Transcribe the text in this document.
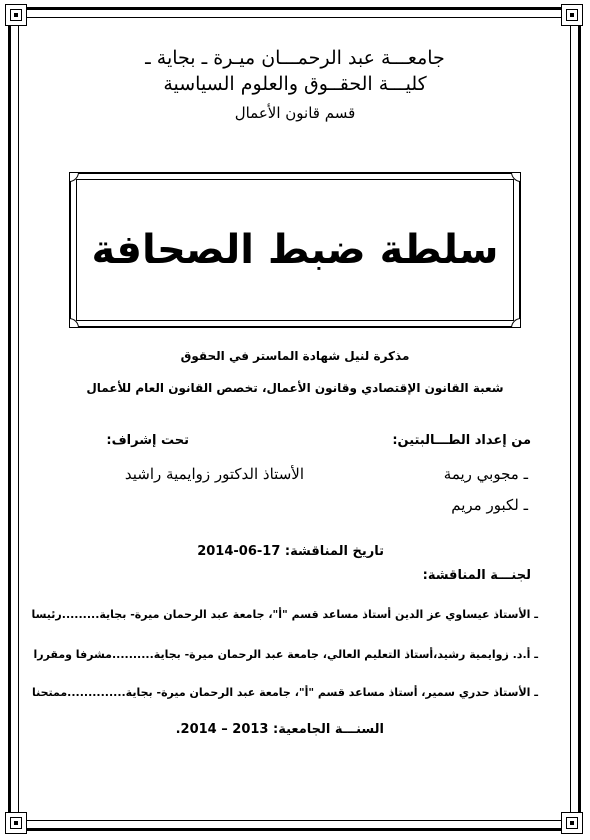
جامعـــة عبد الرحمـــان ميـرة ـ بجاية ـ
كليـــة الحقــوق والعلوم السياسية
قسم قانون الأعمال
سلطة ضبط الصحافة
مذكرة لنيل شهادة الماستر في الحقوق
شعبة القانون الإقتصادي وقانون الأعمال، تخصص القانون العام للأعمال
من إعداد الطـــالبتين:
تحت إشراف:
ـ مجوبي ريمة
الأستاذ الدكتور زوايمية راشيد
ـ لكبور مريم
تاريخ المناقشة: 17-06-2014
لجنـــة المناقشة:
ـ الأستاذ عيساوي عز الدين أستاذ مساعد قسم "أ"، جامعة عبد الرحمان ميرة- بجاية.........رئيسا
ـ أ.د. زوايمية رشيد،أستاذ التعليم العالي، جامعة عبد الرحمان ميرة- بجاية..........مشرفا ومقررا
ـ الأستاذ حدري سمير، أستاذ مساعد قسم "أ"، جامعة عبد الرحمان ميرة- بجاية..............ممتحنا
السنـــة الجامعية: 2013 – 2014.
